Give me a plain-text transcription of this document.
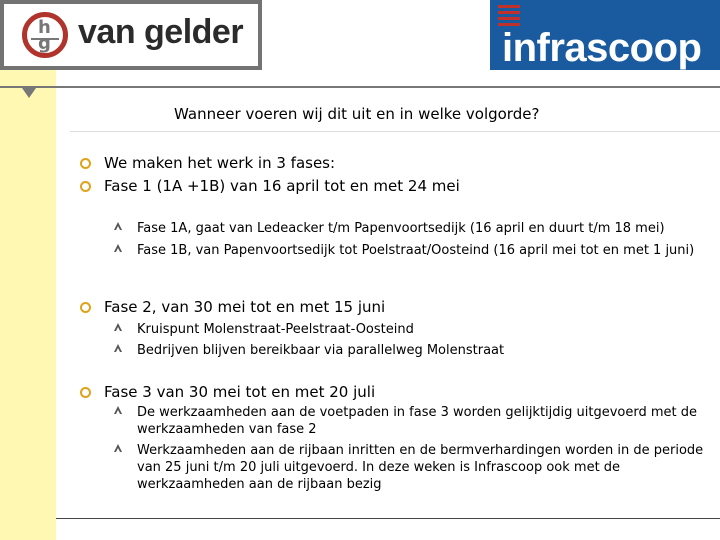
h
g van gelder	infrascoop
Wanneer voeren wij dit uit en in welke volgorde?
We maken het werk in 3 fases:
Fase 1 (1A +1B) van 16 april tot en met 24 mei
Fase 1A, gaat van Ledeacker t/m Papenvoortsedijk (16 april en duurt t/m 18 mei)
Fase 1B, van Papenvoortsedijk tot Poelstraat/Oosteind (16 april mei tot en met 1 juni)
Fase 2, van 30 mei tot en met 15 juni
Kruispunt Molenstraat-Peelstraat-Oosteind
Bedrijven blijven bereikbaar via parallelweg Molenstraat
Fase 3 van 30 mei tot en met 20 juli
De werkzaamheden aan de voetpaden in fase 3 worden gelijktijdig uitgevoerd met de werkzaamheden van fase 2
Werkzaamheden aan de rijbaan inritten en de bermverhardingen worden in de periode van 25 juni t/m 20 juli uitgevoerd. In deze weken is Infrascoop ook met de werkzaamheden aan de rijbaan bezig
